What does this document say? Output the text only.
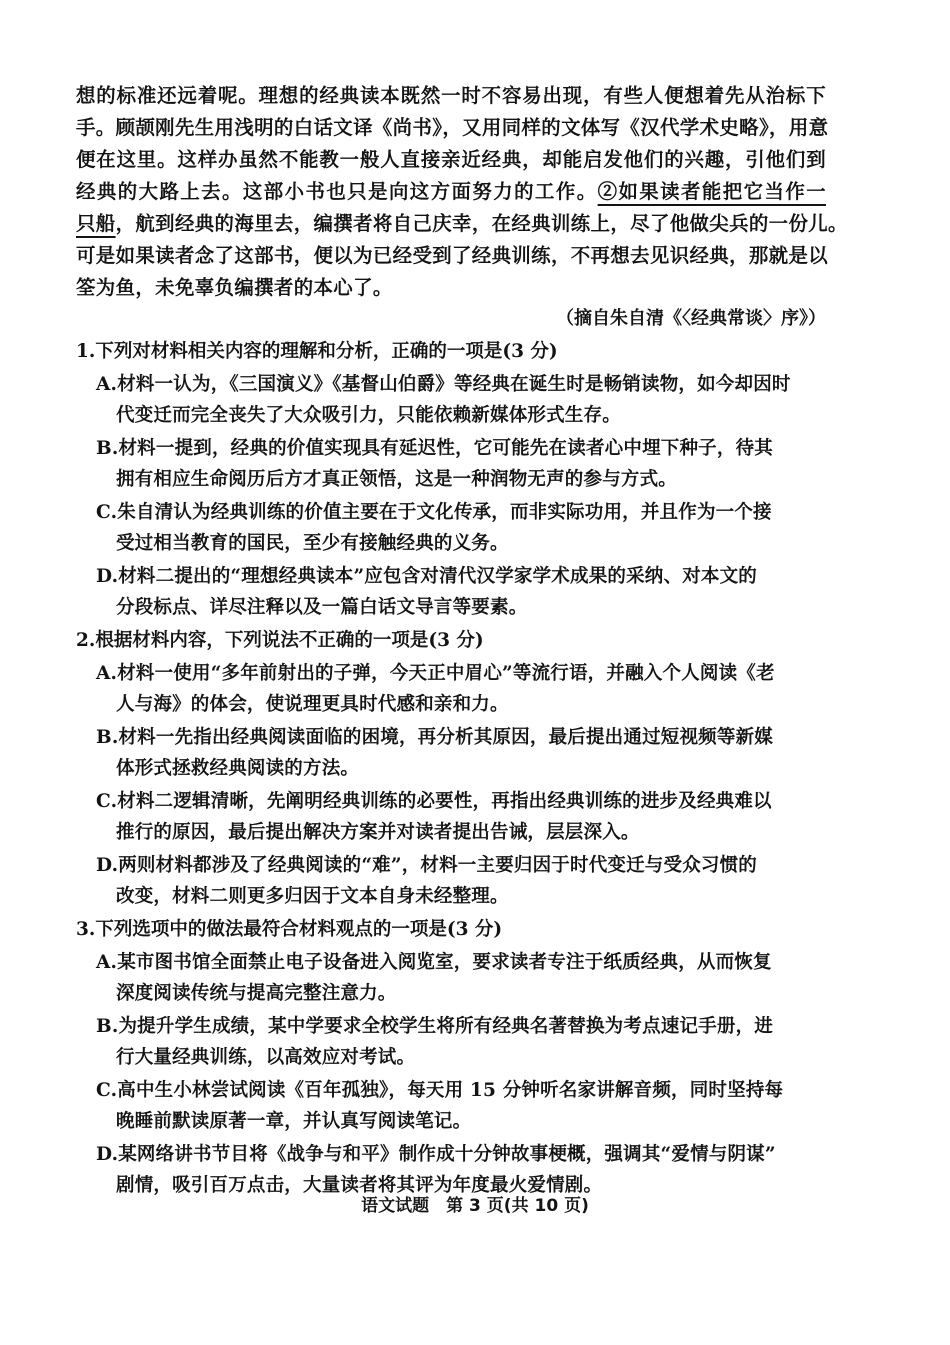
想的标准还远着呢。理想的经典读本既然一时不容易出现，有些人便想着先从治标下
手。顾颉刚先生用浅明的白话文译《尚书》，又用同样的文体写《汉代学术史略》，用意
便在这里。这样办虽然不能教一般人直接亲近经典，却能启发他们的兴趣，引他们到
经典的大路上去。这部小书也只是向这方面努力的工作。②如果读者能把它当作一
只船，航到经典的海里去，编撰者将自己庆幸，在经典训练上，尽了他做尖兵的一份儿。
可是如果读者念了这部书，便以为已经受到了经典训练，不再想去见识经典，那就是以
筌为鱼，未免辜负编撰者的本心了。
（摘自朱自清《〈经典常谈〉序》）
1.下列对材料相关内容的理解和分析，正确的一项是(3 分)
A.材料一认为，《三国演义》《基督山伯爵》等经典在诞生时是畅销读物，如今却因时
代变迁而完全丧失了大众吸引力，只能依赖新媒体形式生存。
B.材料一提到，经典的价值实现具有延迟性，它可能先在读者心中埋下种子，待其
拥有相应生命阅历后方才真正领悟，这是一种润物无声的参与方式。
C.朱自清认为经典训练的价值主要在于文化传承，而非实际功用，并且作为一个接
受过相当教育的国民，至少有接触经典的义务。
D.材料二提出的“理想经典读本”应包含对清代汉学家学术成果的采纳、对本文的
分段标点、详尽注释以及一篇白话文导言等要素。
2.根据材料内容，下列说法不正确的一项是(3 分)
A.材料一使用“多年前射出的子弹，今天正中眉心”等流行语，并融入个人阅读《老
人与海》的体会，使说理更具时代感和亲和力。
B.材料一先指出经典阅读面临的困境，再分析其原因，最后提出通过短视频等新媒
体形式拯救经典阅读的方法。
C.材料二逻辑清晰，先阐明经典训练的必要性，再指出经典训练的进步及经典难以
推行的原因，最后提出解决方案并对读者提出告诫，层层深入。
D.两则材料都涉及了经典阅读的“难”，材料一主要归因于时代变迁与受众习惯的
改变，材料二则更多归因于文本自身未经整理。
3.下列选项中的做法最符合材料观点的一项是(3 分)
A.某市图书馆全面禁止电子设备进入阅览室，要求读者专注于纸质经典，从而恢复
深度阅读传统与提高完整注意力。
B.为提升学生成绩，某中学要求全校学生将所有经典名著替换为考点速记手册，进
行大量经典训练，以高效应对考试。
C.高中生小林尝试阅读《百年孤独》，每天用 15 分钟听名家讲解音频，同时坚持每
晚睡前默读原著一章，并认真写阅读笔记。
D.某网络讲书节目将《战争与和平》制作成十分钟故事梗概，强调其“爱情与阴谋”
剧情，吸引百万点击，大量读者将其评为年度最火爱情剧。
语文试题　第 3 页(共 10 页)
